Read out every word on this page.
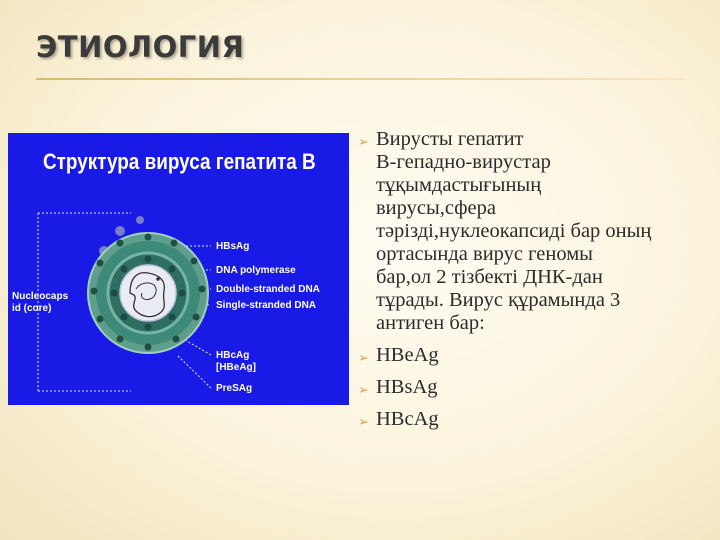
ЭТИОЛОГИЯ
Структура вируса гепатита В
HBsAg
DNA polymerase
Double-stranded DNA
Single-stranded DNA
HBcAg
[HBeAg]
PreSAg
Nucleocaps
id (core)
➢ Вирусты гепатит
В-гепадно-вирустар
тұқымдастығының
вирусы,сфера
тәрізді,нуклеокапсиді бар оның
ортасында вирус геномы
бар,ол 2 тізбекті ДНК-дан
тұрады. Вирус құрамында 3
антиген бар:
➢ HBeAg
➢ HBsAg
➢ HBcAg
